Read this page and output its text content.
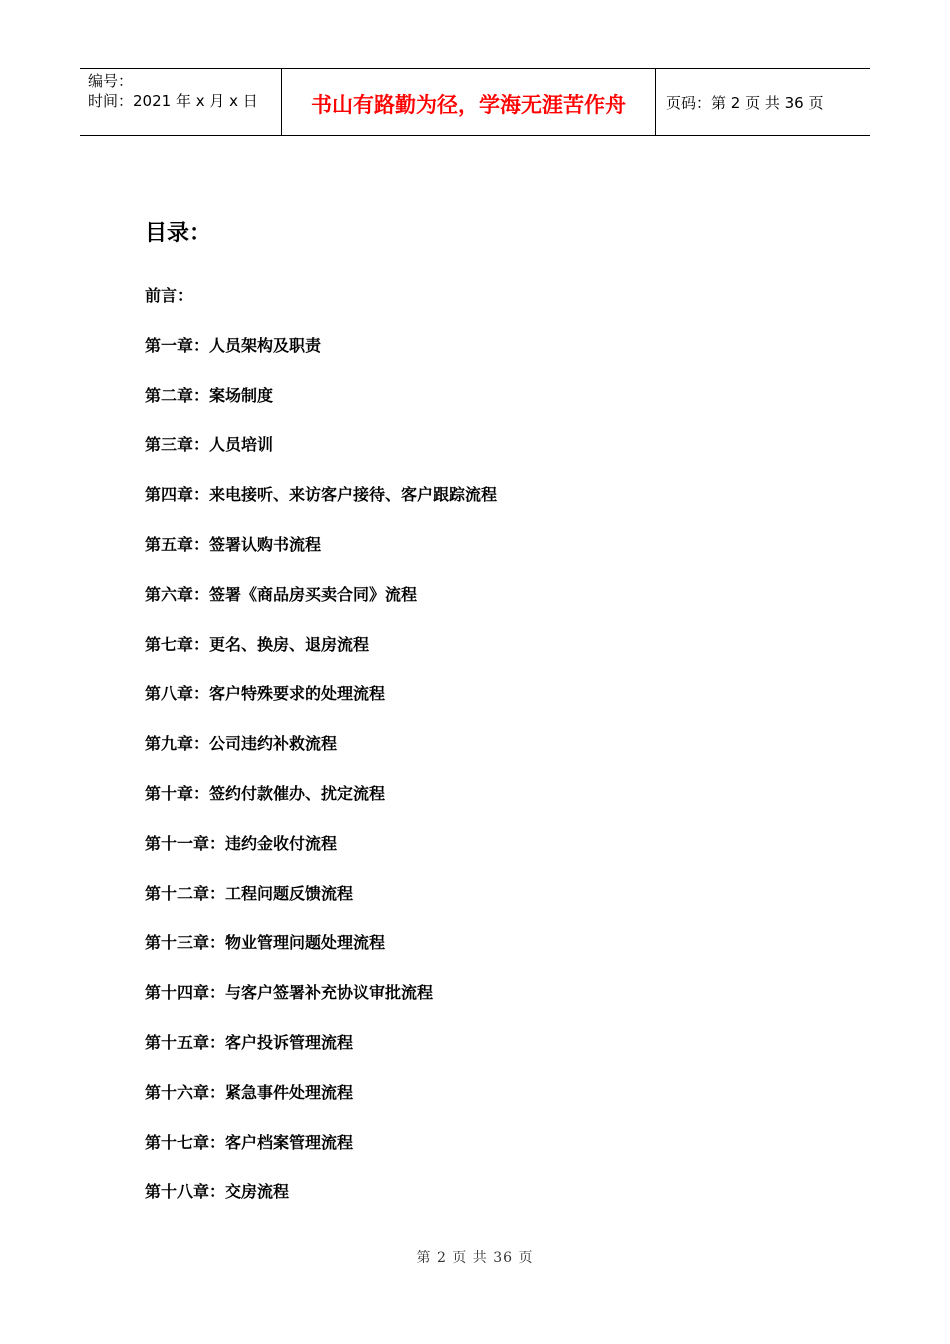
编号：
时间：2021 年 x 月 x 日	书山有路勤为径，学海无涯苦作舟	页码：第 2 页 共 36 页
目录：
前言：
第一章：人员架构及职责
第二章：案场制度
第三章：人员培训
第四章：来电接听、来访客户接待、客户跟踪流程
第五章：签署认购书流程
第六章：签署《商品房买卖合同》流程
第七章：更名、换房、退房流程
第八章：客户特殊要求的处理流程
第九章：公司违约补救流程
第十章：签约付款催办、扰定流程
第十一章：违约金收付流程
第十二章：工程问题反馈流程
第十三章：物业管理问题处理流程
第十四章：与客户签署补充协议审批流程
第十五章：客户投诉管理流程
第十六章：紧急事件处理流程
第十七章：客户档案管理流程
第十八章：交房流程
第 2 页 共 36 页
